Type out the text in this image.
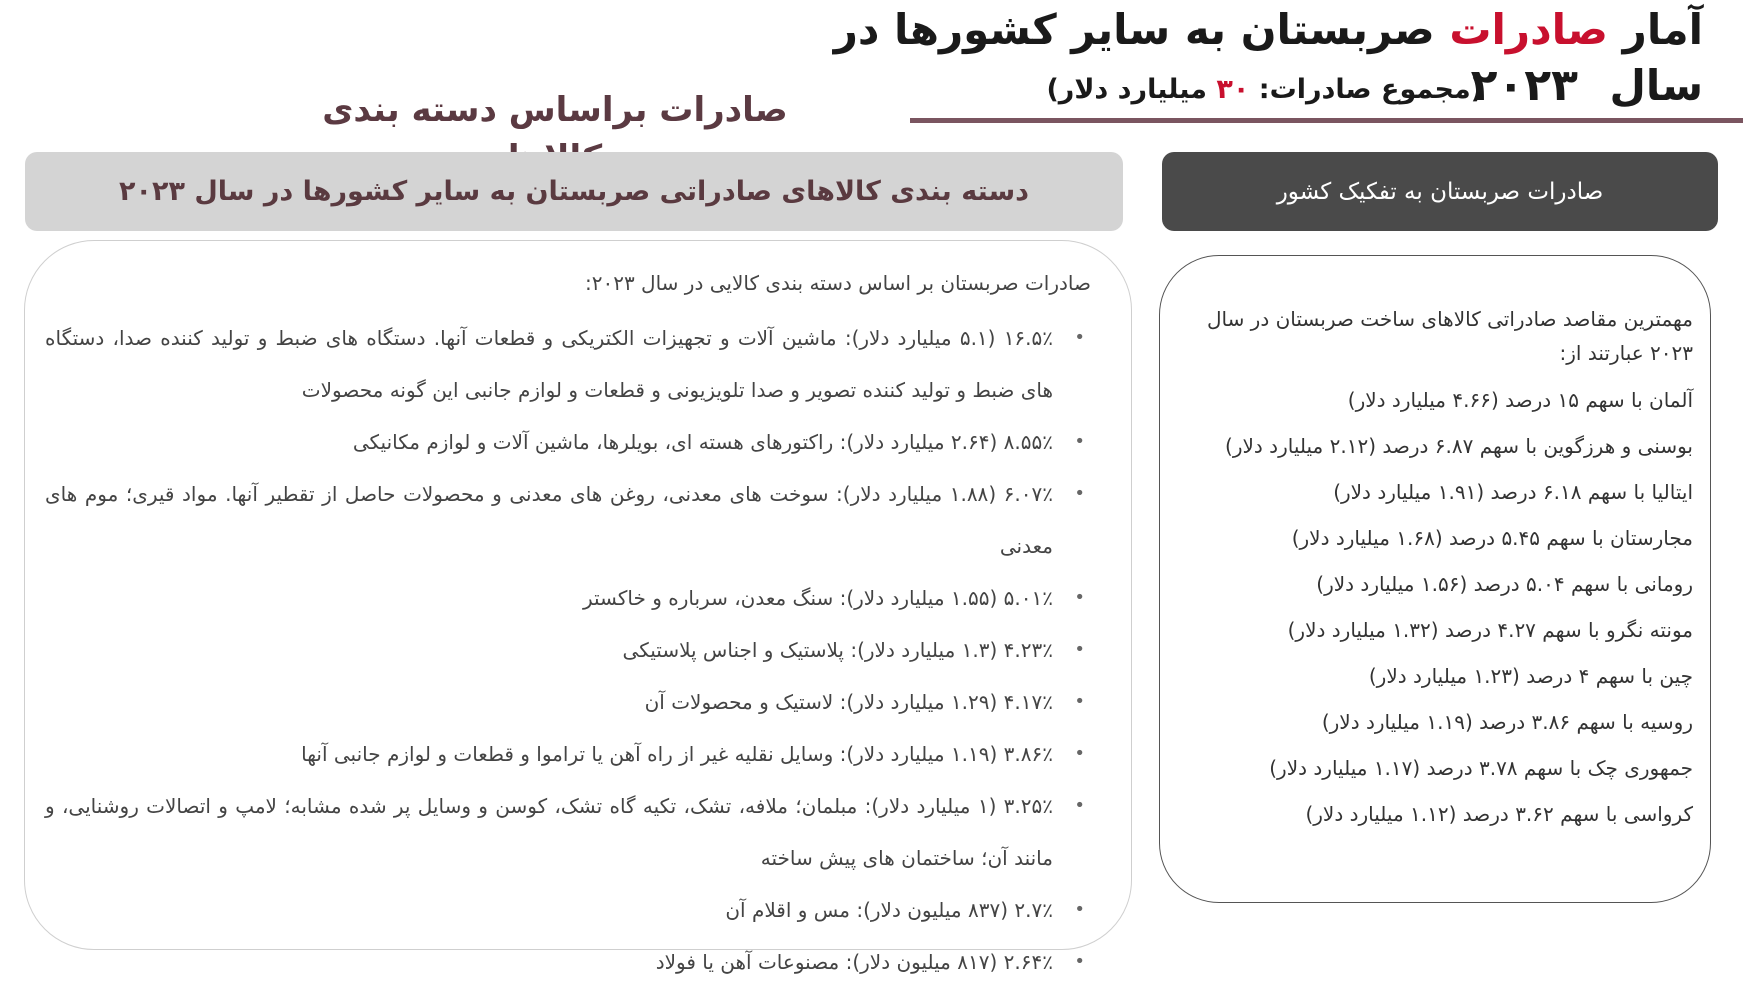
آمار صادرات صربستان به سایر کشورها در سال
۲۰۲۳
(مجموع صادرات: ۳۰ میلیارد دلار)
صادرات براساس دسته بندی
دسته بندی کالاهای صادراتی صربستان به سایر کشورها در سال ۲۰۲۳	صادرات صربستان به تفکیک کشور
صادرات صربستان بر اساس دسته بندی کالایی در سال ۲۰۲۳:
•
۱۶.۵٪ (۵.۱ میلیارد دلار): ماشین آلات و تجهیزات الکتریکی و قطعات آنها. دستگاه های ضبط و تولید کننده صدا، دستگاه های ضبط و تولید کننده تصویر و صدا تلویزیونی و قطعات و لوازم جانبی این گونه محصولات
•
۸.۵۵٪ (۲.۶۴ میلیارد دلار): راکتورهای هسته ای، بویلرها، ماشین آلات و لوازم مکانیکی
•
۶.۰۷٪ (۱.۸۸ میلیارد دلار): سوخت های معدنی، روغن های معدنی و محصولات حاصل از تقطیر آنها. مواد قیری؛ موم های معدنی
•
۵.۰۱٪ (۱.۵۵ میلیارد دلار): سنگ معدن، سرباره و خاکستر
•
۴.۲۳٪ (۱.۳ میلیارد دلار): پلاستیک و اجناس پلاستیکی
•
۴.۱۷٪ (۱.۲۹ میلیارد دلار): لاستیک و محصولات آن
•
۳.۸۶٪ (۱.۱۹ میلیارد دلار): وسایل نقلیه غیر از راه آهن یا تراموا و قطعات و لوازم جانبی آنها
•
۳.۲۵٪ (۱ میلیارد دلار): مبلمان؛ ملافه، تشک، تکیه گاه تشک، کوسن و وسایل پر شده مشابه؛ لامپ و اتصالات روشنایی، و مانند آن؛ ساختمان های پیش ساخته
•
۲.۷٪ (۸۳۷ میلیون دلار): مس و اقلام آن
•
۲.۶۴٪ (۸۱۷ میلیون دلار): مصنوعات آهن یا فولاد
مهمترین مقاصد صادراتی کالاهای ساخت صربستان در سال ۲۰۲۳ عبارتند از:
آلمان با سهم ۱۵ درصد (۴.۶۶ میلیارد دلار)
بوسنی و هرزگوین با سهم ۶.۸۷ درصد (۲.۱۲ میلیارد دلار)
ایتالیا با سهم ۶.۱۸ درصد (۱.۹۱ میلیارد دلار)
مجارستان با سهم ۵.۴۵ درصد (۱.۶۸ میلیارد دلار)
رومانی با سهم ۵.۰۴ درصد (۱.۵۶ میلیارد دلار)
مونته نگرو با سهم ۴.۲۷ درصد (۱.۳۲ میلیارد دلار)
چین با سهم ۴ درصد (۱.۲۳ میلیارد دلار)
روسیه با سهم ۳.۸۶ درصد (۱.۱۹ میلیارد دلار)
جمهوری چک با سهم ۳.۷۸ درصد (۱.۱۷ میلیارد دلار)
کرواسی با سهم ۳.۶۲ درصد (۱.۱۲ میلیارد دلار)
